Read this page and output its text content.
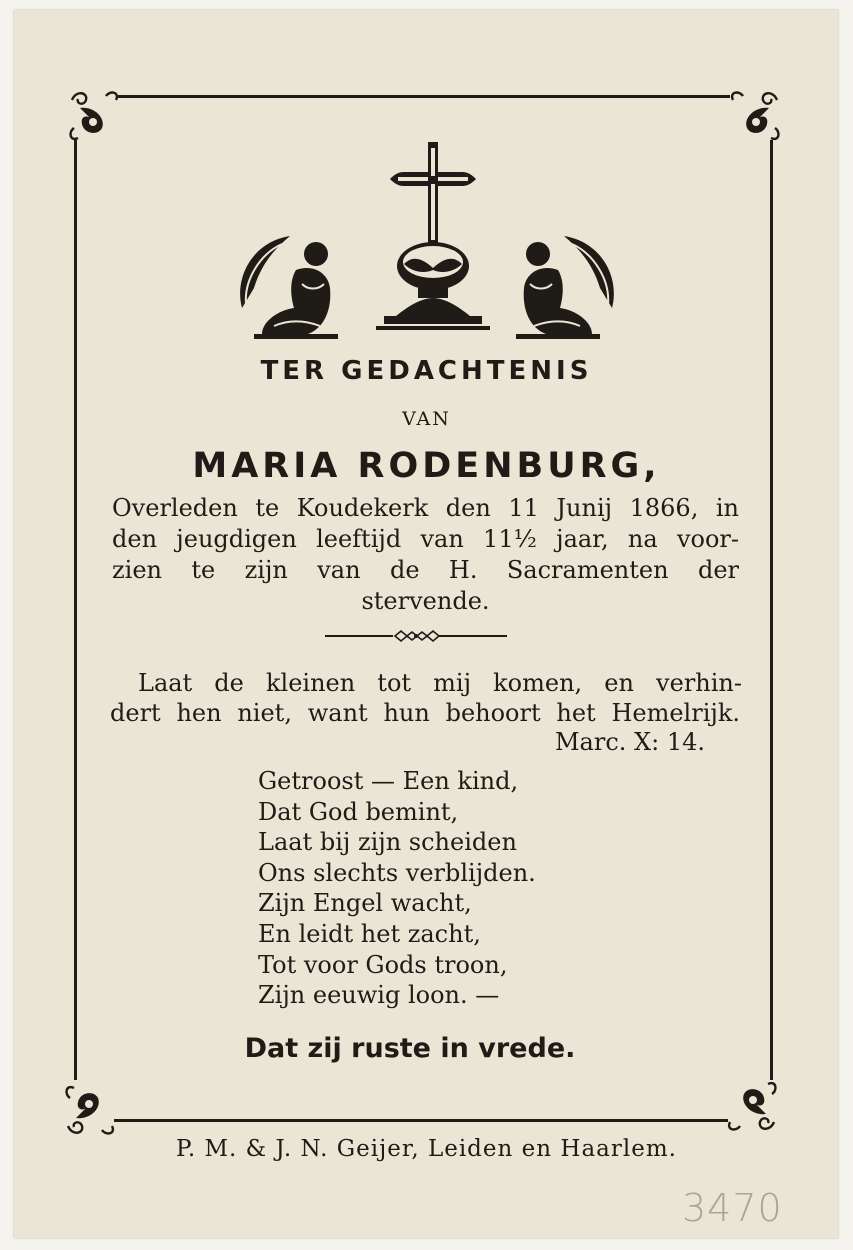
TER GEDACHTENIS
VAN
MARIA RODENBURG,
Overleden te Koudekerk den 11 Junij 1866, in
den jeugdigen leeftijd van 11½ jaar, na voor-
zien te zijn van de H. Sacramenten der
stervende.
Laat de kleinen tot mij komen, en verhin-
dert hen niet, want hun behoort het Hemelrijk.
Marc. X: 14.
Getroost — Een kind,
Dat God bemint,
Laat bij zijn scheiden
Ons slechts verblijden.
Zijn Engel wacht,
En leidt het zacht,
Tot voor Gods troon,
Zijn eeuwig loon. —
Dat zij ruste in vrede.
P. M. & J. N. Geijer, Leiden en Haarlem.
3470
